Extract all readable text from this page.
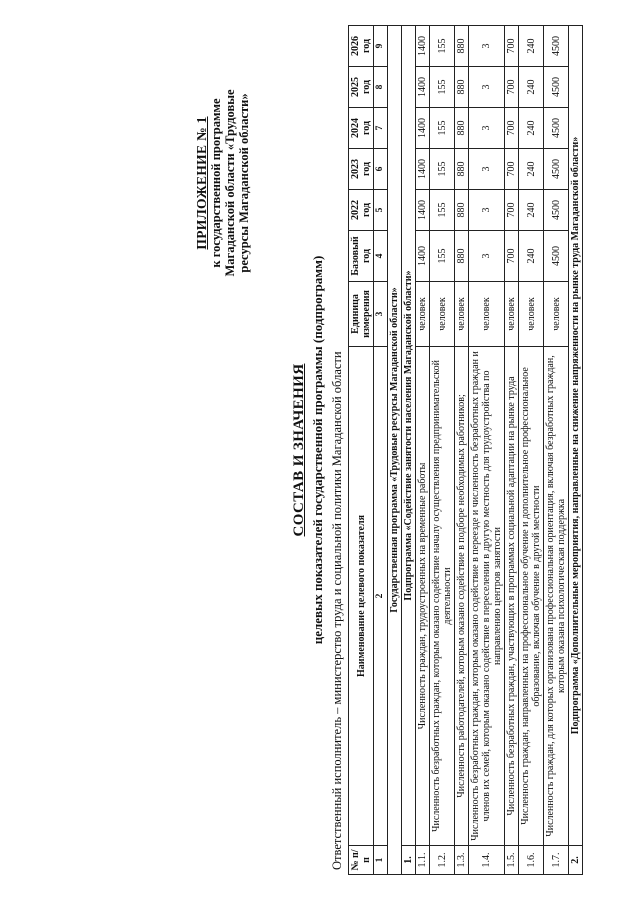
ПРИЛОЖЕНИЕ № 1 к государственной программе Магаданской области «Трудовые ресурсы Магаданской области»
СОСТАВ И ЗНАЧЕНИЯ целевых показателей государственной программы (подпрограмм) Ответственный исполнитель – министерство труда и социальной политики Магаданской области № п/п	Наименование целевого показателя	Единица измерения	Базовый год	2022 год	2023 год	2024 год	2025 год	2026 год
1	2	3	4	5	6	7	8	9
Государственная программа «Трудовые ресурсы Магаданской области»								
1.	Подпрограмма «Содействие занятости населения Магаданской области»							
1.1.	Численность граждан, трудоустроенных на временные работы	человек	1400	1400	1400	1400	1400	1400
1.2.	Численность безработных граждан, которым оказано содействие началу осуществления предпринимательской деятельности	человек	155	155	155	155	155	155
1.3.	Численность работодателей, которым оказано содействие в подборе необходимых работников;	человек	880	880	880	880	880	880
1.4.	Численность безработных граждан, которым оказано содействие в переезде и численность безработных граждан и членов их семей, которым оказано содействие в переселении в другую местность для трудоустройства по направлению центров занятости	человек	3	3	3	3	3	3
1.5.	Численность безработных граждан, участвующих в программах социальной адаптации на рынке труда	человек	700	700	700	700	700	700
1.6.	Численность граждан, направленных на профессиональное обучение и дополнительное профессиональное образование, включая обучение в другой местности	человек	240	240	240	240	240	240
1.7.	Численность граждан, для которых организована профессиональная ориентация, включая безработных граждан, которым оказана психологическая поддержка	человек	4500	4500	4500	4500	4500	4500
2.	Подпрограмма «Дополнительные мероприятия, направленные на снижение напряженности на рынке труда Магаданской области»							
